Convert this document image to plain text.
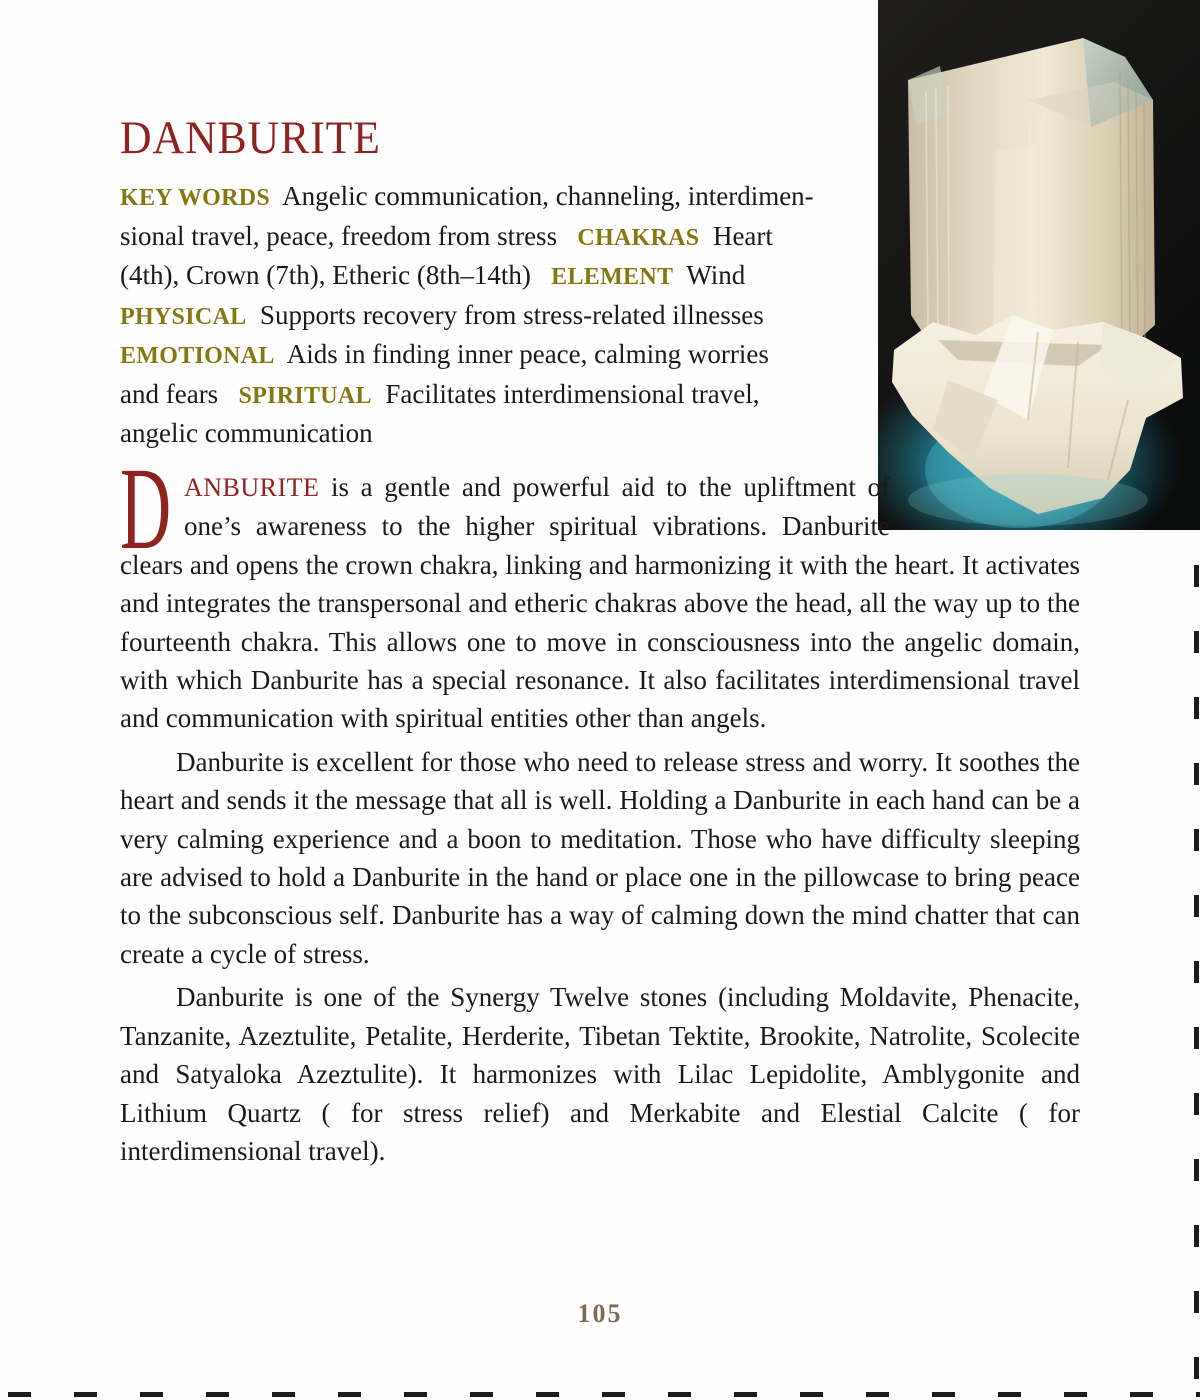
DANBURITE
KEY WORDS  Angelic communication, channeling, interdimen-
sional travel, peace, freedom from stress   CHAKRAS  Heart
(4th), Crown (7th), Etheric (8th–14th)   ELEMENT  Wind
PHYSICAL  Supports recovery from stress-related illnesses
EMOTIONAL  Aids in finding inner peace, calming worries
and fears   SPIRITUAL  Facilitates interdimensional travel,
angelic communication

D ANBURITE is a gentle and powerful aid to the upliftment of one’s awareness to the higher spiritual vibrations. Danburite clears and opens the crown chakra, linking and harmonizing it with the heart. It activates and integrates the transpersonal and etheric chakras above the head, all the way up to the fourteenth chakra. This allows one to move in consciousness into the angelic domain, with which Danburite has a special resonance. It also facilitates interdimensional travel and communication with spiritual entities other than angels.

Danburite is excellent for those who need to release stress and worry. It soothes the heart and sends it the message that all is well. Holding a Danburite in each hand can be a very calming experience and a boon to meditation. Those who have difficulty sleeping are advised to hold a Danburite in the hand or place one in the pillowcase to bring peace to the subconscious self. Danburite has a way of calming down the mind chatter that can create a cycle of stress.

Danburite is one of the Synergy Twelve stones (including Moldavite, Phenacite, Tanzanite, Azeztulite, Petalite, Herderite, Tibetan Tektite, Brookite, Natrolite, Scolecite and Satyaloka Azeztulite). It harmonizes with Lilac Lepidolite, Amblygonite and Lithium Quartz ( for stress relief) and Merkabite and Elestial Calcite ( for interdimensional travel).

105
